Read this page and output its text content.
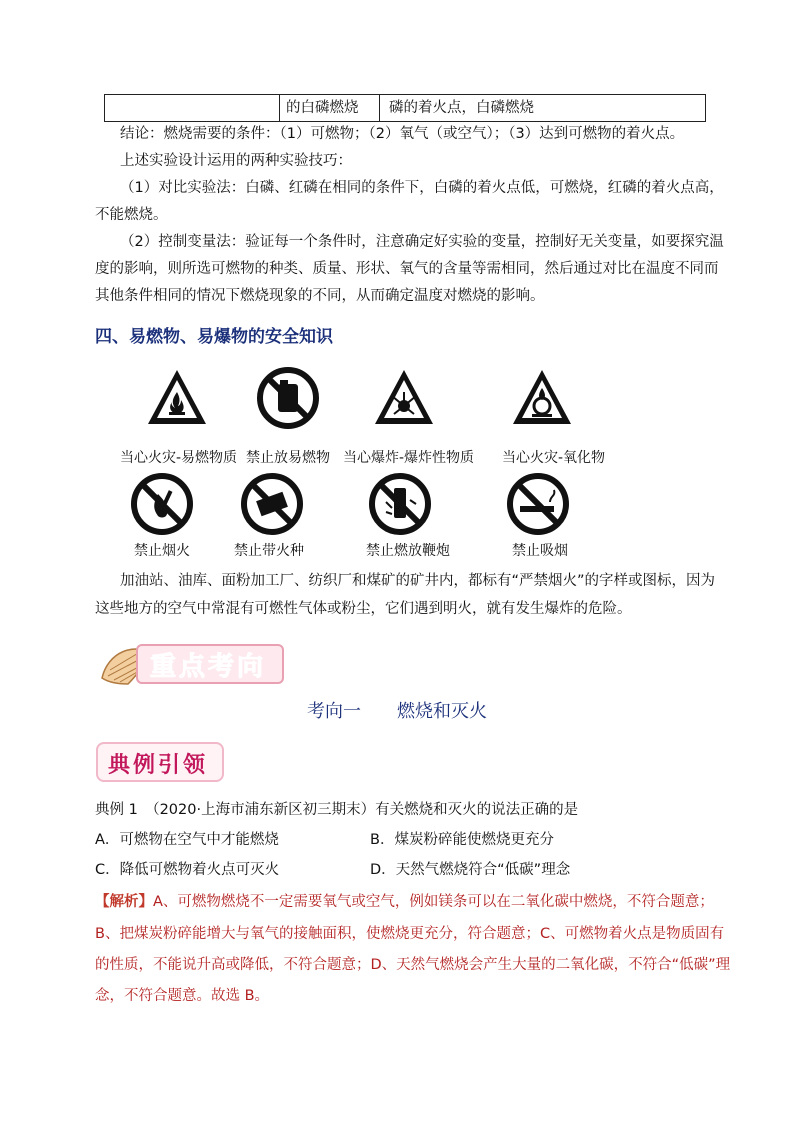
的白磷燃烧	磷的着火点，白磷燃烧
结论：燃烧需要的条件：（1）可燃物；（2）氧气（或空气）；（3）达到可燃物的着火点。
上述实验设计运用的两种实验技巧：
（1）对比实验法：白磷、红磷在相同的条件下，白磷的着火点低，可燃烧，红磷的着火点高，
不能燃烧。
（2）控制变量法：验证每一个条件时，注意确定好实验的变量，控制好无关变量，如要探究温
度的影响，则所选可燃物的种类、质量、形状、氧气的含量等需相同，然后通过对比在温度不同而
其他条件相同的情况下燃烧现象的不同，从而确定温度对燃烧的影响。
四、易燃物、易爆物的安全知识
当心火灾-易燃物质 禁止放易燃物 当心爆炸-爆炸性物质 当心火灾-氧化物
禁止烟火	禁止带火种	禁止燃放鞭炮	禁止吸烟
加油站、油库、面粉加工厂、纺织厂和煤矿的矿井内，都标有“严禁烟火”的字样或图标，因为
这些地方的空气中常混有可燃性气体或粉尘，它们遇到明火，就有发生爆炸的危险。
重点考向
考向一　　燃烧和灭火
典例引领
典例 1　（2020·上海市浦东新区初三期末）有关燃烧和灭火的说法正确的是
A．可燃物在空气中才能燃烧	B．煤炭粉碎能使燃烧更充分
C．降低可燃物着火点可灭火	D．天然气燃烧符合“低碳”理念
【解析】A、可燃物燃烧不一定需要氧气或空气，例如镁条可以在二氧化碳中燃烧，不符合题意；
B、把煤炭粉碎能增大与氧气的接触面积，使燃烧更充分，符合题意；C、可燃物着火点是物质固有
的性质，不能说升高或降低，不符合题意；D、天然气燃烧会产生大量的二氧化碳，不符合“低碳”理
念，不符合题意。故选 B。
